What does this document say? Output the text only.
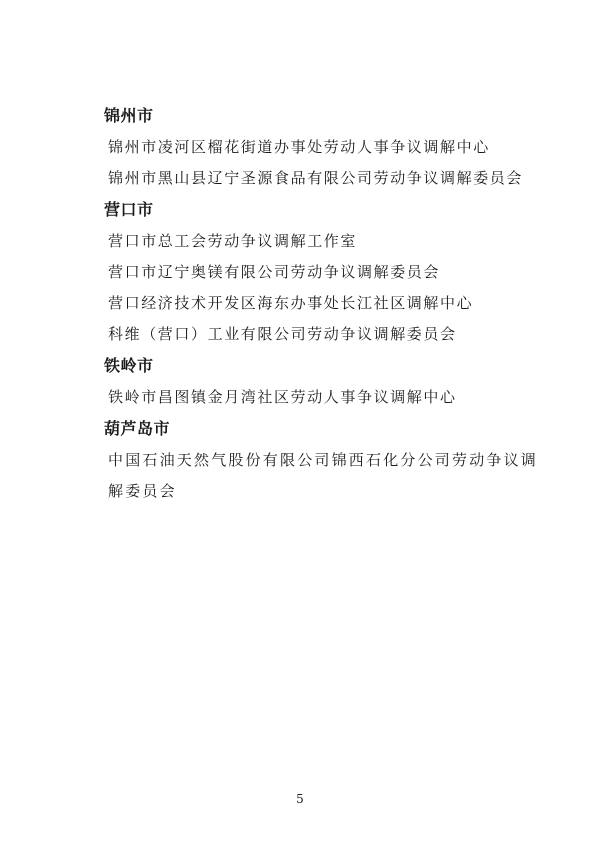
锦州市
锦州市凌河区榴花街道办事处劳动人事争议调解中心
锦州市黑山县辽宁圣源食品有限公司劳动争议调解委员会
营口市
营口市总工会劳动争议调解工作室
营口市辽宁奥镁有限公司劳动争议调解委员会
营口经济技术开发区海东办事处长江社区调解中心
科维（营口）工业有限公司劳动争议调解委员会
铁岭市
铁岭市昌图镇金月湾社区劳动人事争议调解中心
葫芦岛市
中国石油天然气股份有限公司锦西石化分公司劳动争议调解委员会
5
